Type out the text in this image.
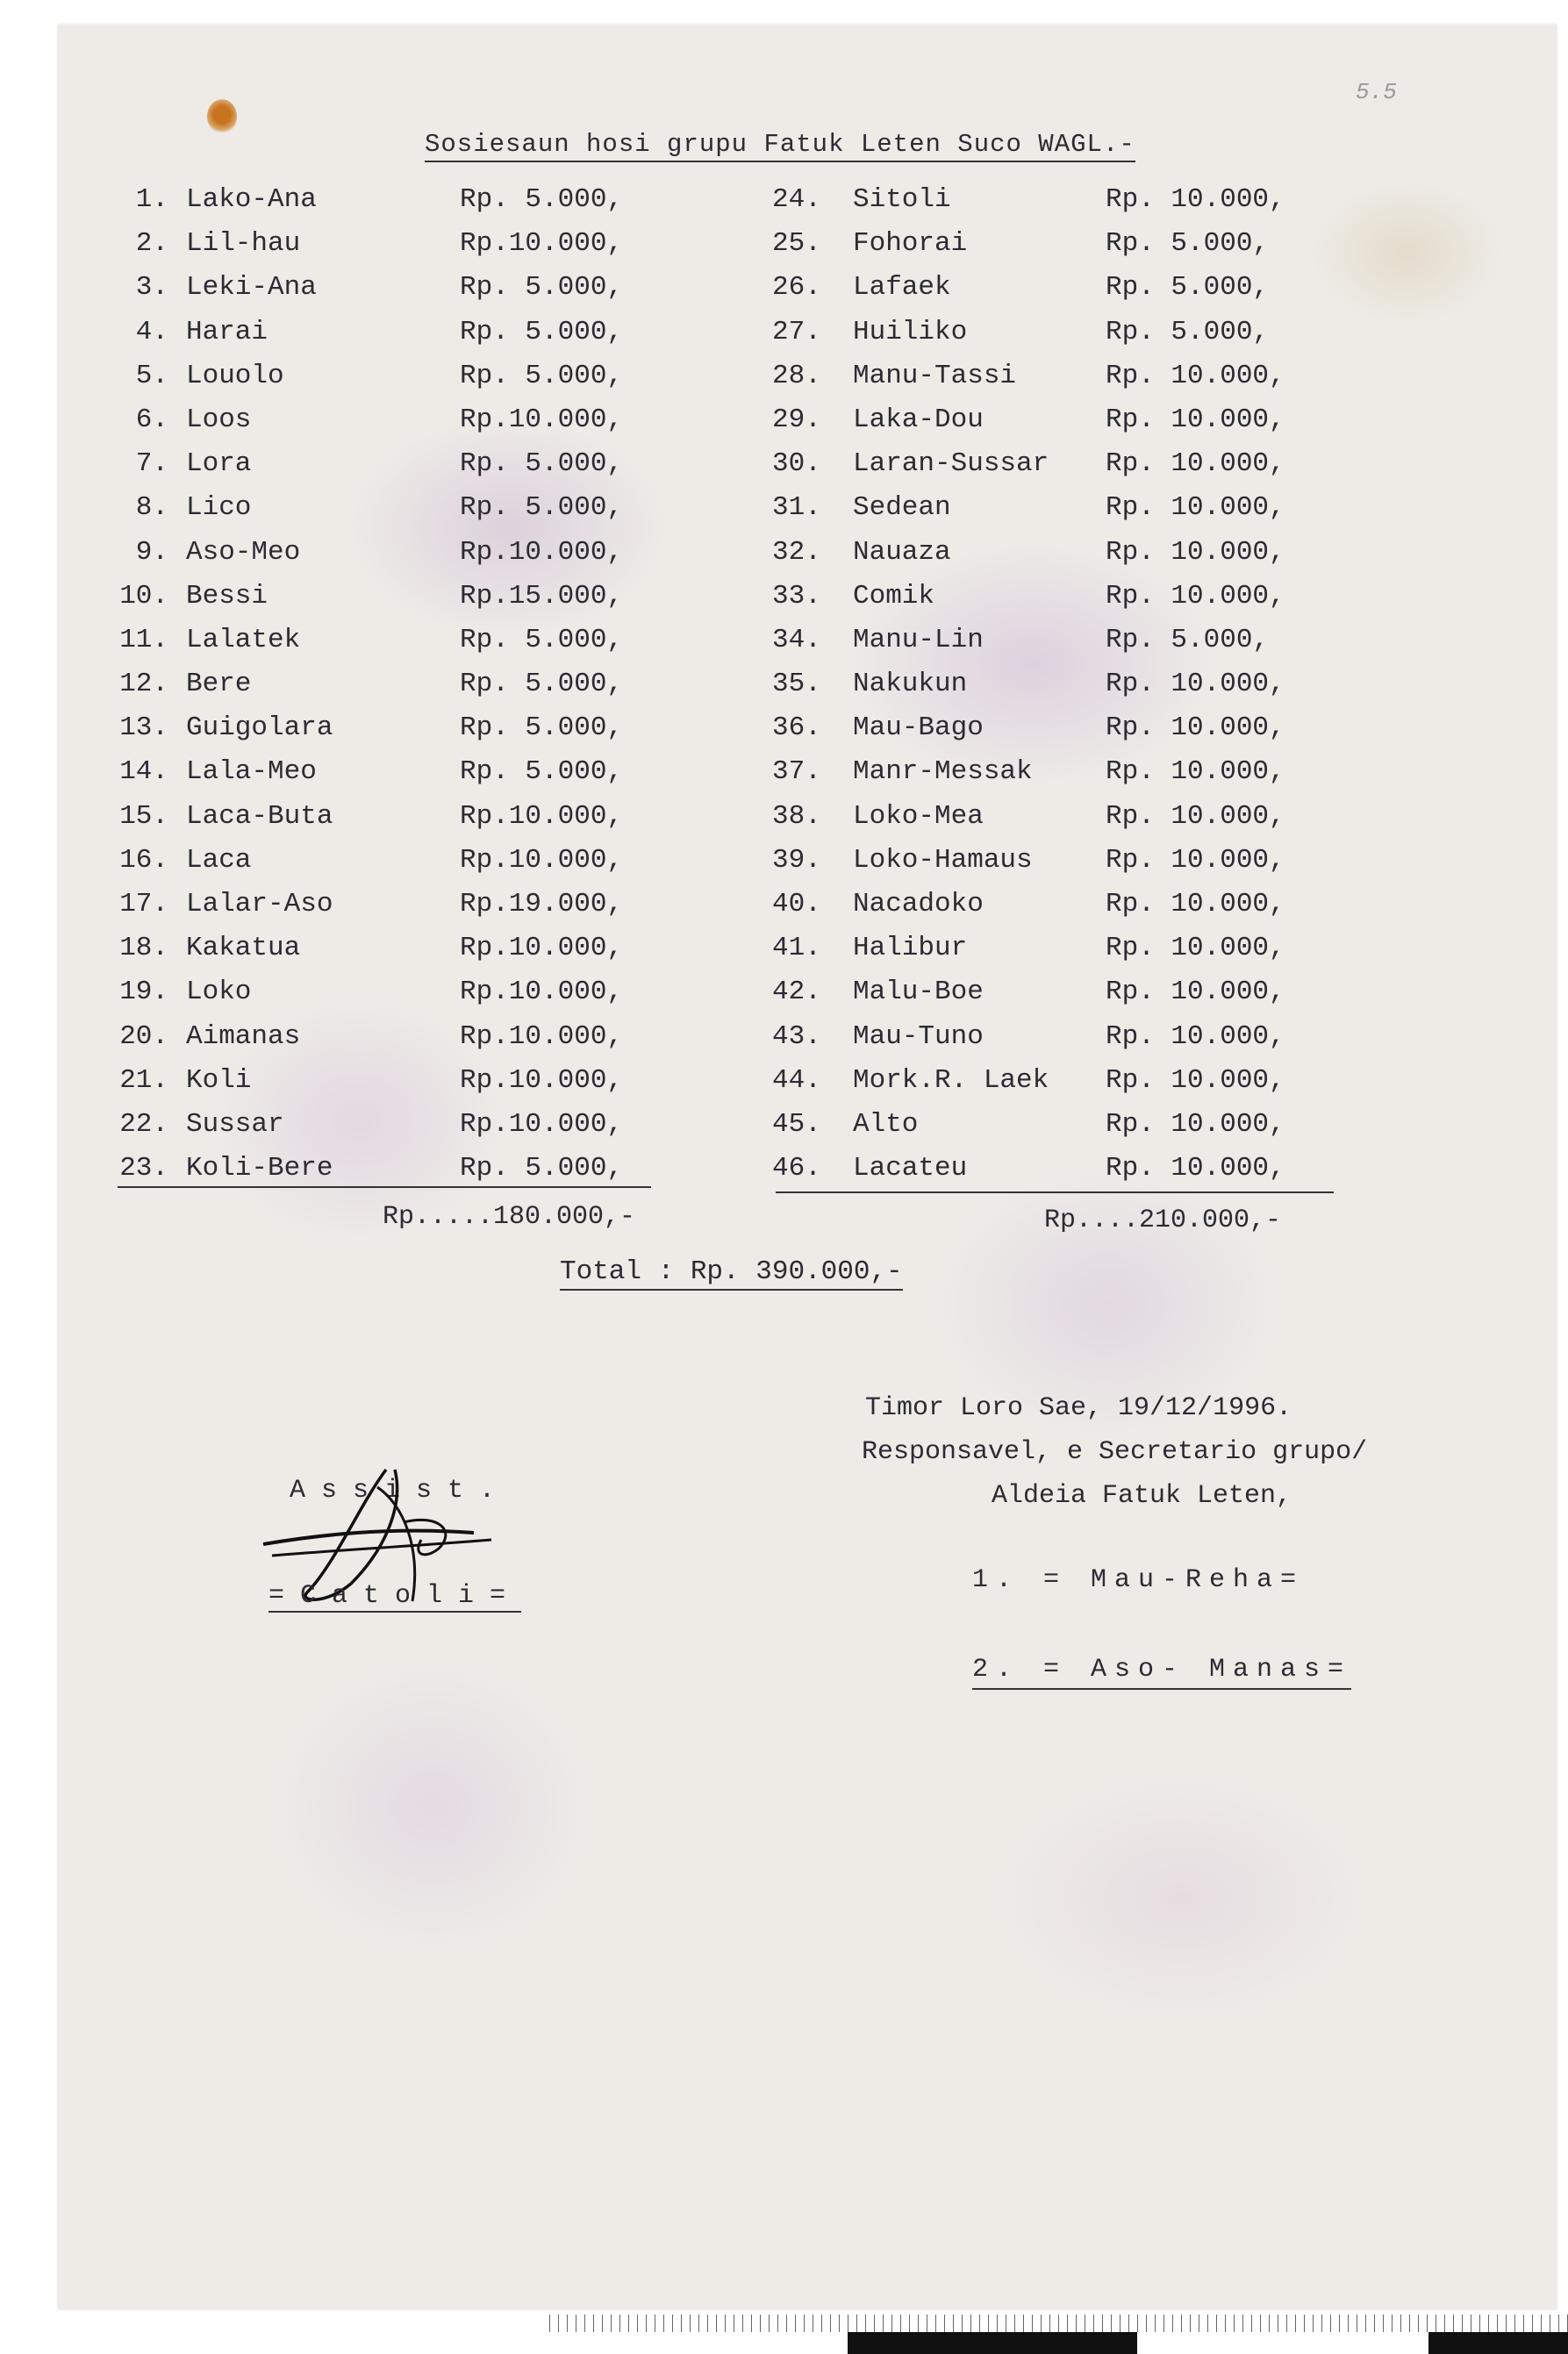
5.5
Sosiesaun hosi grupu Fatuk Leten Suco WAGL.-
1. Lako-Ana	Rp. 5.000,
2. Lil-hau	Rp.10.000,
3. Leki-Ana	Rp. 5.000,
4. Harai	Rp. 5.000,
5. Louolo	Rp. 5.000,
6. Loos	Rp.10.000,
7. Lora	Rp. 5.000,
8. Lico	Rp. 5.000,
9. Aso-Meo	Rp.10.000,
10. Bessi	Rp.15.000,
11. Lalatek	Rp. 5.000,
12. Bere	Rp. 5.000,
13. Guigolara	Rp. 5.000,
14. Lala-Meo	Rp. 5.000,
15. Laca-Buta	Rp.10.000,
16. Laca	Rp.10.000,
17. Lalar-Aso	Rp.19.000,
18. Kakatua	Rp.10.000,
19. Loko	Rp.10.000,
20. Aimanas	Rp.10.000,
21. Koli	Rp.10.000,
22. Sussar	Rp.10.000,
23. Koli-Bere	Rp. 5.000,
24. Sitoli	Rp. 10.000,
25. Fohorai	Rp. 5.000,
26. Lafaek	Rp. 5.000,
27. Huiliko	Rp. 5.000,
28. Manu-Tassi	Rp. 10.000,
29. Laka-Dou	Rp. 10.000,
30. Laran-Sussar Rp. 10.000,
31. Sedean	Rp. 10.000,
32. Nauaza	Rp. 10.000,
33. Comik	Rp. 10.000,
34. Manu-Lin	Rp. 5.000,
35. Nakukun	Rp. 10.000,
36. Mau-Bago	Rp. 10.000,
37. Manr-Messak	Rp. 10.000,
38. Loko-Mea	Rp. 10.000,
39. Loko-Hamaus	Rp. 10.000,
40. Nacadoko	Rp. 10.000,
41. Halibur	Rp. 10.000,
42. Malu-Boe	Rp. 10.000,
43. Mau-Tuno	Rp. 10.000,
44. Mork.R. Laek Rp. 10.000,
45. Alto	Rp. 10.000,
46. Lacateu	Rp. 10.000,
Rp.....180.000,-	Rp....210.000,-
Total : Rp. 390.000,-
Timor Loro Sae, 19/12/1996.
Responsavel, e Secretario grupo/
Aldeia Fatuk Leten,
1. = Mau-Reha=
2. = Aso- Manas=
Assist.
=Catoli=
